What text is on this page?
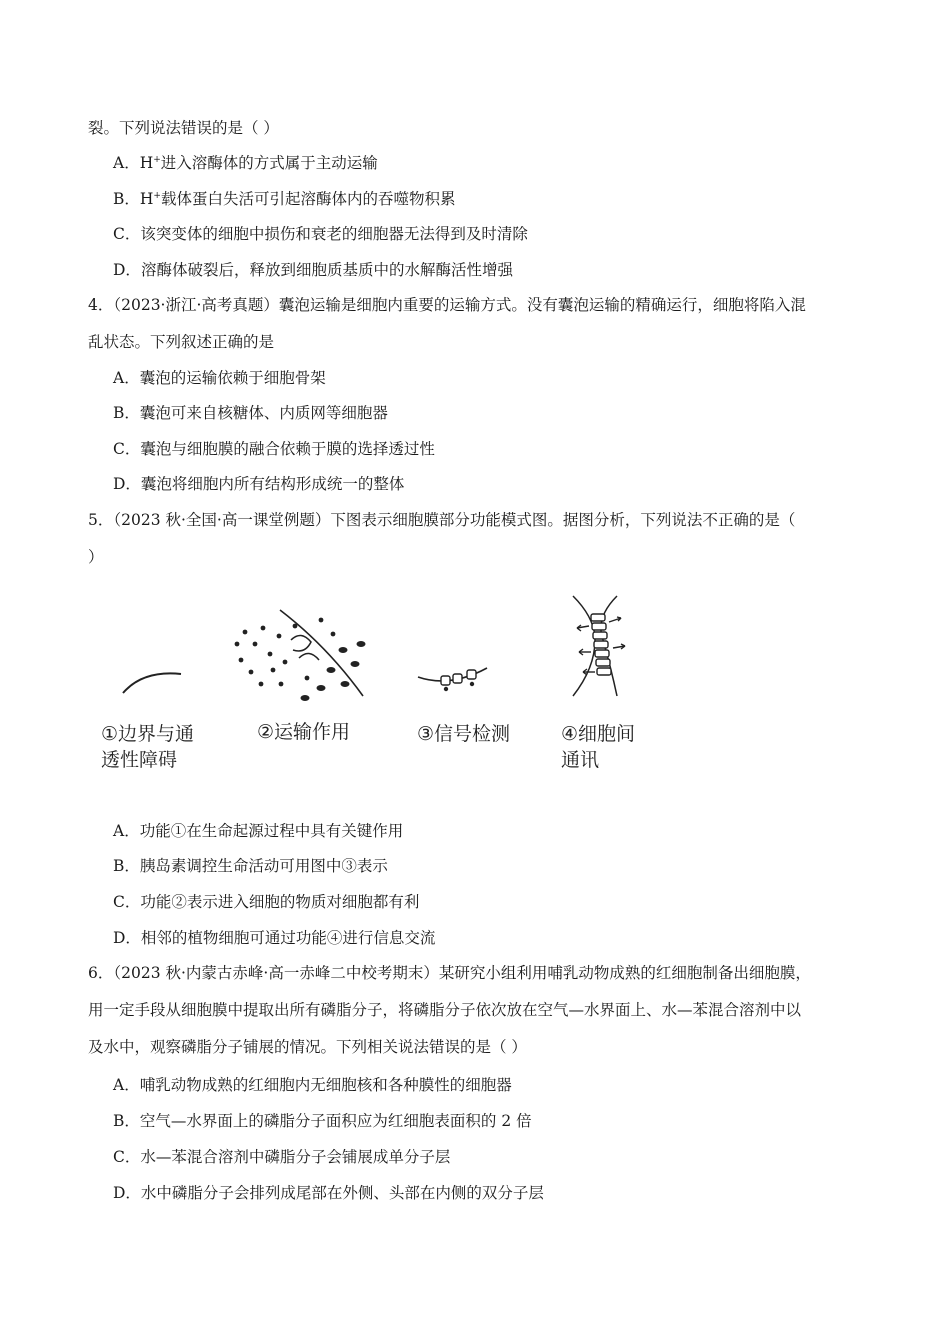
裂。下列说法错误的是（ ）
A．H+进入溶酶体的方式属于主动运输
B．H+载体蛋白失活可引起溶酶体内的吞噬物积累
C．该突变体的细胞中损伤和衰老的细胞器无法得到及时清除
D．溶酶体破裂后，释放到细胞质基质中的水解酶活性增强
4．（2023·浙江·高考真题）囊泡运输是细胞内重要的运输方式。没有囊泡运输的精确运行，细胞将陷入混
乱状态。下列叙述正确的是
A．囊泡的运输依赖于细胞骨架
B．囊泡可来自核糖体、内质网等细胞器
C．囊泡与细胞膜的融合依赖于膜的选择透过性
D．囊泡将细胞内所有结构形成统一的整体
5．（2023 秋·全国·高一课堂例题）下图表示细胞膜部分功能模式图。据图分析，下列说法不正确的是（
）
①边界与通
透性障碍
②运输作用	③信号检测	④细胞间
通讯
A．功能①在生命起源过程中具有关键作用
B．胰岛素调控生命活动可用图中③表示
C．功能②表示进入细胞的物质对细胞都有利
D．相邻的植物细胞可通过功能④进行信息交流
6．（2023 秋·内蒙古赤峰·高一赤峰二中校考期末）某研究小组利用哺乳动物成熟的红细胞制备出细胞膜，
用一定手段从细胞膜中提取出所有磷脂分子，将磷脂分子依次放在空气—水界面上、水—苯混合溶剂中以
及水中，观察磷脂分子铺展的情况。下列相关说法错误的是（ ）
A．哺乳动物成熟的红细胞内无细胞核和各种膜性的细胞器
B．空气—水界面上的磷脂分子面积应为红细胞表面积的 2 倍
C．水—苯混合溶剂中磷脂分子会铺展成单分子层
D．水中磷脂分子会排列成尾部在外侧、头部在内侧的双分子层
